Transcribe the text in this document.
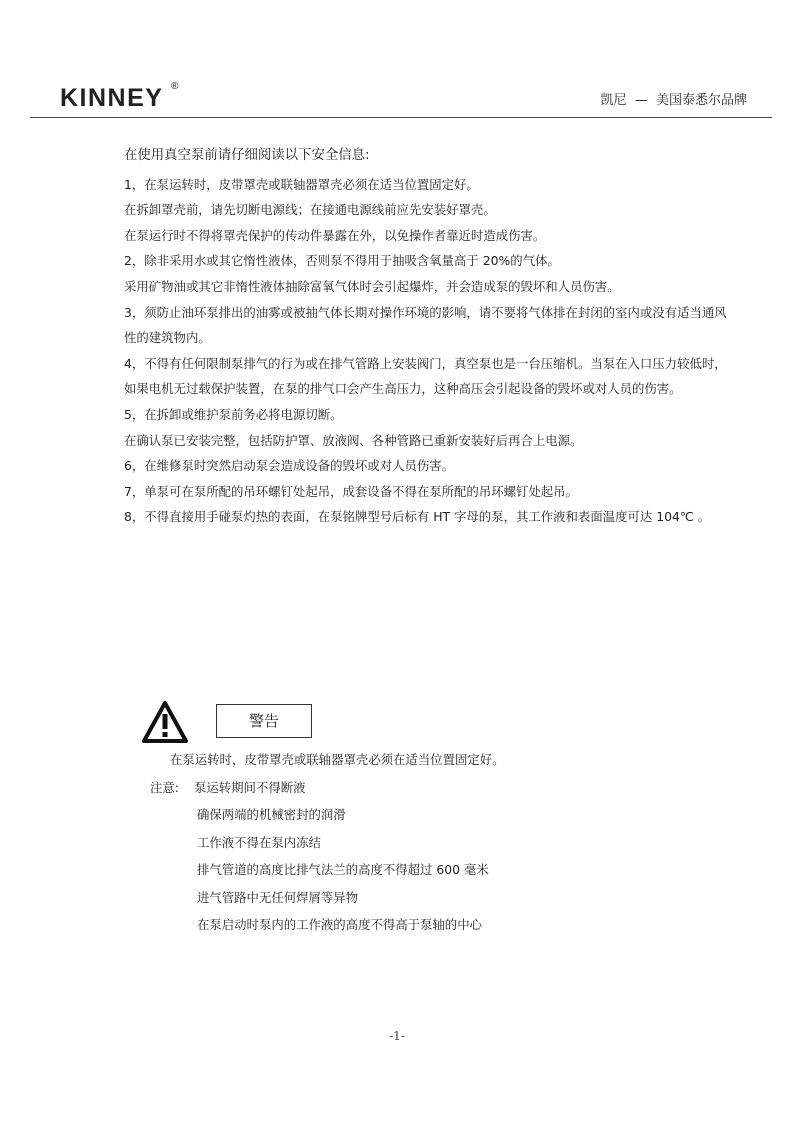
KINNEY ®
凯尼  —  美国泰悉尔品牌

在使用真空泵前请仔细阅读以下安全信息:

1，在泵运转时，皮带罩壳或联轴器罩壳必须在适当位置固定好。

在拆卸罩壳前，请先切断电源线；在接通电源线前应先安装好罩壳。

在泵运行时不得将罩壳保护的传动件暴露在外，以免操作者靠近时造成伤害。

2，除非采用水或其它惰性液体，否则泵不得用于抽吸含氧量高于 20%的气体。

采用矿物油或其它非惰性液体抽除富氧气体时会引起爆炸，并会造成泵的毁坏和人员伤害。

3，须防止油环泵排出的油雾或被抽气体长期对操作环境的影响，请不要将气体排在封闭的室内或没有适当通风性的建筑物内。

4，不得有任何限制泵排气的行为或在排气管路上安装阀门，真空泵也是一台压缩机。当泵在入口压力较低时，如果电机无过载保护装置，在泵的排气口会产生高压力，这种高压会引起设备的毁坏或对人员的伤害。

5，在拆卸或维护泵前务必将电源切断。

在确认泵已安装完整，包括防护罩、放液阀、各种管路已重新安装好后再合上电源。

6，在维修泵时突然启动泵会造成设备的毁坏或对人员伤害。

7，单泵可在泵所配的吊环螺钉处起吊，成套设备不得在泵所配的吊环螺钉处起吊。

8，不得直接用手碰泵灼热的表面，在泵铭牌型号后标有 HT 字母的泵，其工作液和表面温度可达 104℃ 。

警告
在泵运转时，皮带罩壳或联轴器罩壳必须在适当位置固定好。
注意: 泵运转期间不得断液
确保两端的机械密封的润滑
工作液不得在泵内冻结
排气管道的高度比排气法兰的高度不得超过 600 毫米
进气管路中无任何焊屑等异物
在泵启动时泵内的工作液的高度不得高于泵轴的中心
-1-
